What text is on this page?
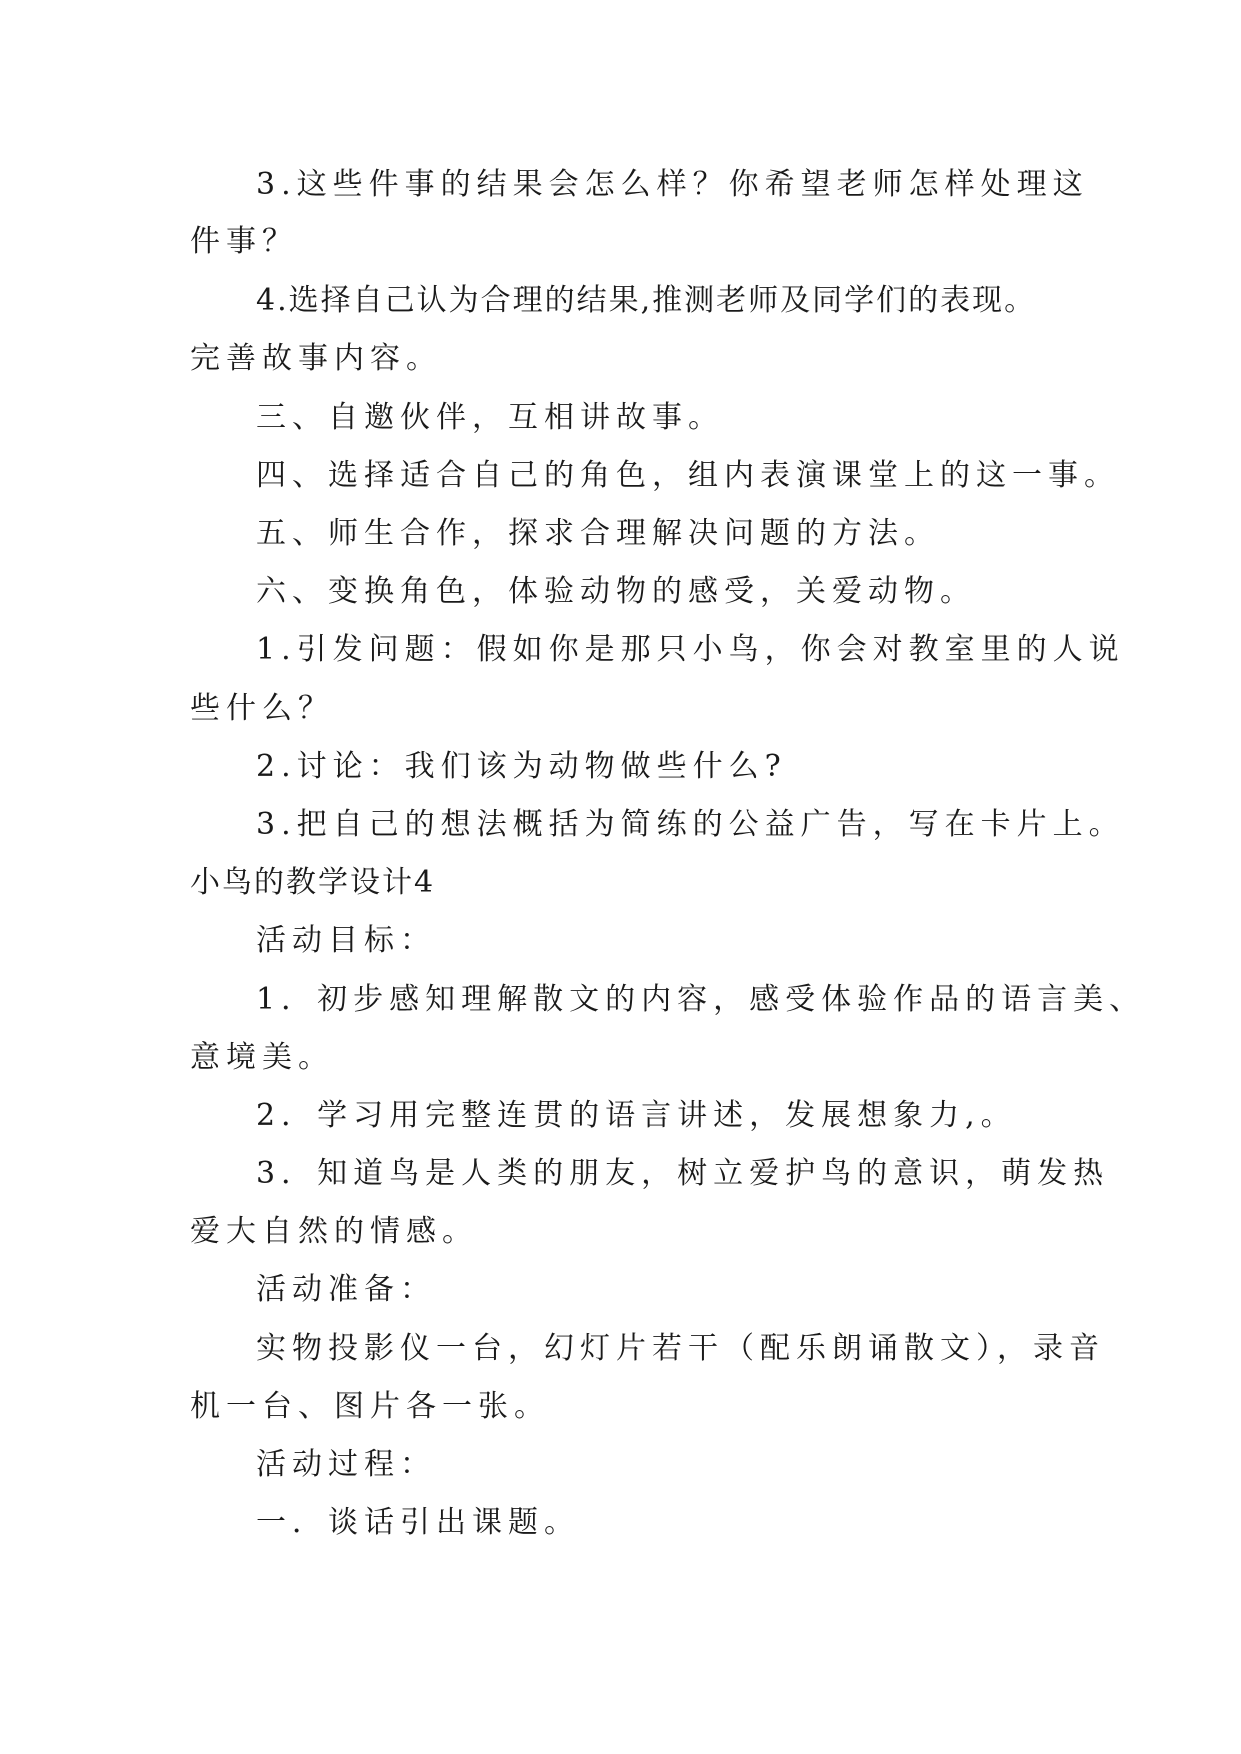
3.这些件事的结果会怎么样？你希望老师怎样处理这
件事？
4.选择自己认为合理的结果,推测老师及同学们的表现。
完善故事内容。
三、自邀伙伴，互相讲故事。
四、选择适合自己的角色，组内表演课堂上的这一事。
五、师生合作，探求合理解决问题的方法。
六、变换角色，体验动物的感受，关爱动物。
1.引发问题：假如你是那只小鸟，你会对教室里的人说
些什么？
2.讨论：我们该为动物做些什么?
3.把自己的想法概括为简练的公益广告，写在卡片上。
小鸟的教学设计4
活动目标：
1．初步感知理解散文的内容，感受体验作品的语言美、
意境美。
2．学习用完整连贯的语言讲述，发展想象力,。
3．知道鸟是人类的朋友，树立爱护鸟的意识，萌发热
爱大自然的情感。
活动准备：
实物投影仪一台，幻灯片若干（配乐朗诵散文），录音
机一台、图片各一张。
活动过程：
一．谈话引出课题。
